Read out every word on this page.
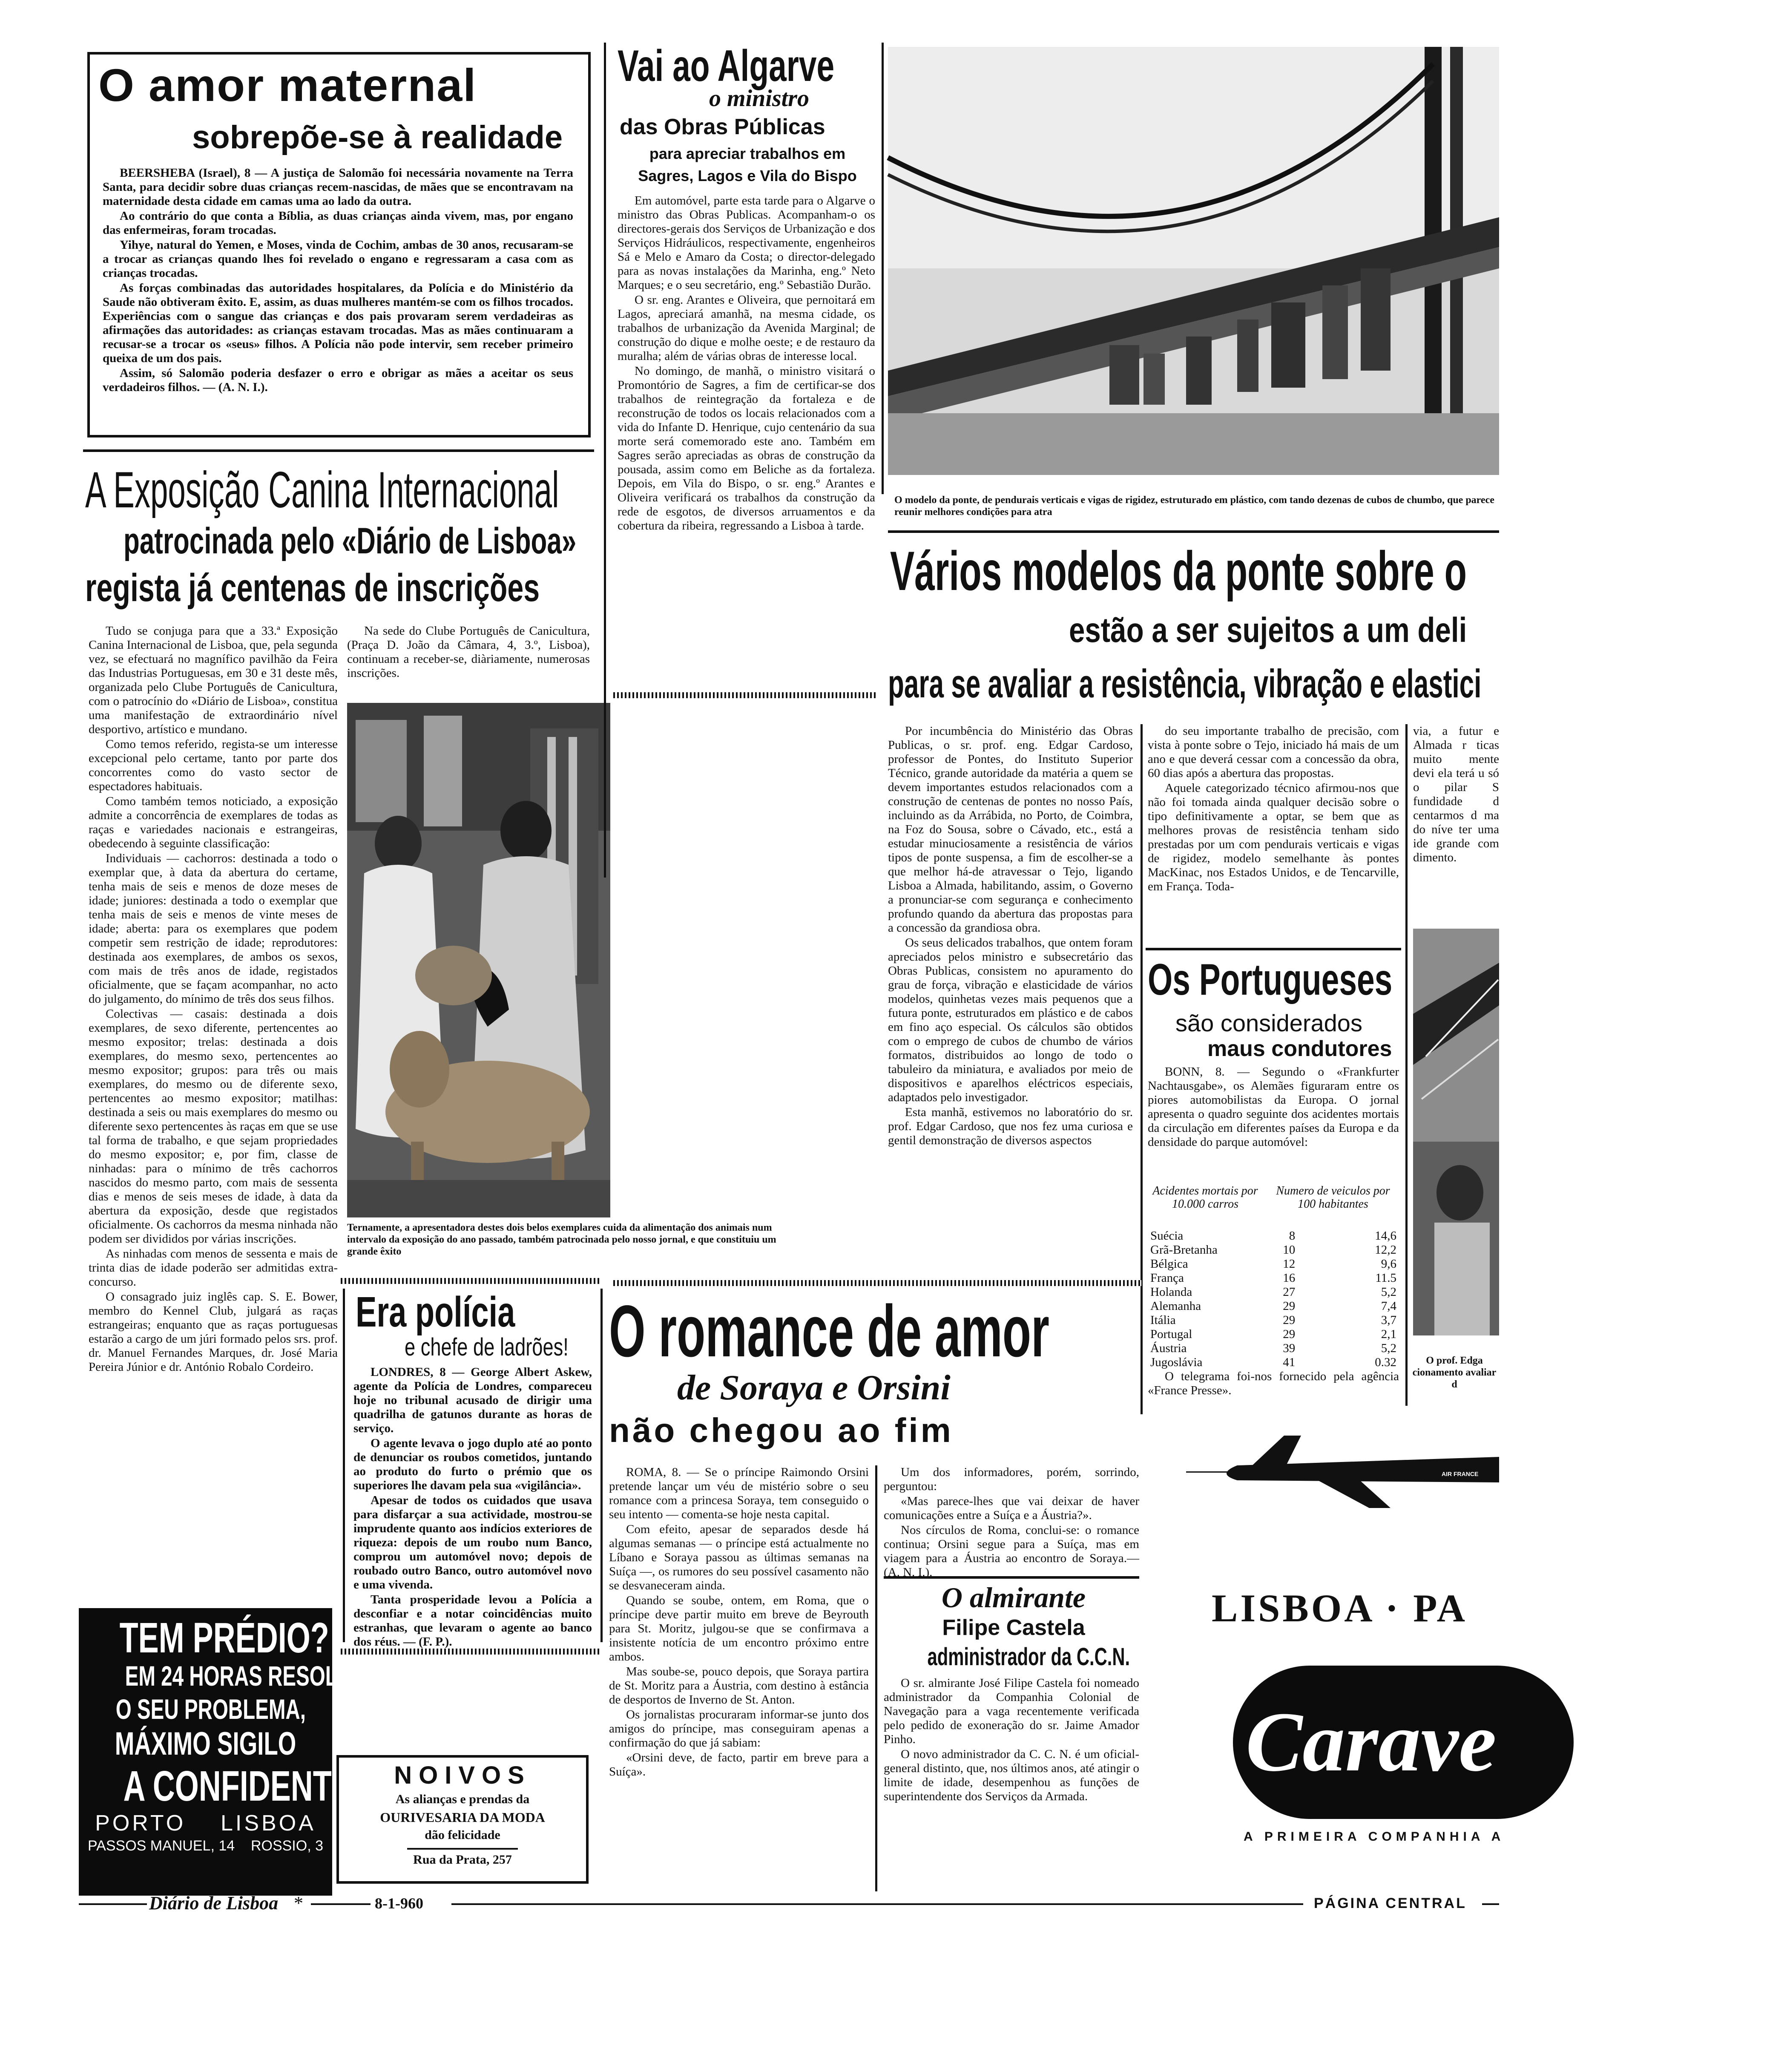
O amor maternal
sobrepõe-se à realidade

BEERSHEBA (Israel), 8 — A justiça de Salomão foi necessária novamente na Terra Santa, para decidir sobre duas crianças recem-nascidas, de mães que se encontravam na maternidade desta cidade em camas uma ao lado da outra.

Ao contrário do que conta a Bíblia, as duas crianças ainda vivem, mas, por engano das enfermeiras, foram trocadas.

Yihye, natural do Yemen, e Moses, vinda de Cochim, ambas de 30 anos, recusaram-se a trocar as crianças quando lhes foi revelado o engano e regressaram a casa com as crianças trocadas.

As forças combinadas das autoridades hospitalares, da Polícia e do Ministério da Saude não obtiveram êxito. E, assim, as duas mulheres mantém-se com os filhos trocados. Experiências com o sangue das crianças e dos pais provaram serem verdadeiras as afirmações das autoridades: as crianças estavam trocadas. Mas as mães continuaram a recusar-se a trocar os «seus» filhos. A Polícia não pode intervir, sem receber primeiro queixa de um dos pais.

Assim, só Salomão poderia desfazer o erro e obrigar as mães a aceitar os seus verdadeiros filhos. — (A. N. I.).

A Exposição Canina Internacional
patrocinada pelo «Diário de Lisboa»
regista já centenas de inscrições

Tudo se conjuga para que a 33.ª Exposição Canina Internacional de Lisboa, que, pela segunda vez, se efectuará no magnífico pavilhão da Feira das Industrias Portuguesas, em 30 e 31 deste mês, organizada pelo Clube Português de Canicultura, com o patrocínio do «Diário de Lisboa», constitua uma manifestação de extraordinário nível desportivo, artístico e mundano.

Como temos referido, regista-se um interesse excepcional pelo certame, tanto por parte dos concorrentes como do vasto sector de espectadores habituais.

Como também temos noticiado, a exposição admite a concorrência de exemplares de todas as raças e variedades nacionais e estrangeiras, obedecendo à seguinte classificação:

Individuais — cachorros: destinada a todo o exemplar que, à data da abertura do certame, tenha mais de seis e menos de doze meses de idade; juniores: destinada a todo o exemplar que tenha mais de seis e menos de vinte meses de idade; aberta: para os exemplares que podem competir sem restrição de idade; reprodutores: destinada aos exemplares, de ambos os sexos, com mais de três anos de idade, registados oficialmente, que se façam acompanhar, no acto do julgamento, do mínimo de três dos seus filhos.

Colectivas — casais: destinada a dois exemplares, de sexo diferente, pertencentes ao mesmo expositor; trelas: destinada a dois exemplares, do mesmo sexo, pertencentes ao mesmo expositor; grupos: para três ou mais exemplares, do mesmo ou de diferente sexo, pertencentes ao mesmo expositor; matilhas: destinada a seis ou mais exemplares do mesmo ou diferente sexo pertencentes às raças em que se use tal forma de trabalho, e que sejam propriedades do mesmo expositor; e, por fim, classe de ninhadas: para o mínimo de três cachorros nascidos do mesmo parto, com mais de sessenta dias e menos de seis meses de idade, à data da abertura da exposição, desde que registados oficialmente. Os cachorros da mesma ninhada não podem ser divididos por várias inscrições.

As ninhadas com menos de sessenta e mais de trinta dias de idade poderão ser admitidas extra-concurso.

O consagrado juiz inglês cap. S. E. Bower, membro do Kennel Club, julgará as raças estrangeiras; enquanto que as raças portuguesas estarão a cargo de um júri formado pelos srs. prof. dr. Manuel Fernandes Marques, dr. José Maria Pereira Júnior e dr. António Robalo Cordeiro.

Na sede do Clube Português de Canicultura, (Praça D. João da Câmara, 4, 3.º, Lisboa), continuam a receber-se, diàriamente, numerosas inscrições.

Ternamente, a apresentadora destes dois belos exemplares cuida da alimentação dos animais num intervalo da exposição do ano passado, também patrocinada pelo nosso jornal, e que constituiu um grande êxito
Vai ao Algarve
o ministro
das Obras Públicas
para apreciar trabalhos em Sagres, Lagos e Vila do Bispo

Em automóvel, parte esta tarde para o Algarve o ministro das Obras Publicas. Acompanham-o os directores-gerais dos Serviços de Urbanização e dos Serviços Hidráulicos, respectivamente, engenheiros Sá e Melo e Amaro da Costa; o director-delegado para as novas instalações da Marinha, eng.º Neto Marques; e o seu secretário, eng.º Sebastião Durão.

O sr. eng. Arantes e Oliveira, que pernoitará em Lagos, apreciará amanhã, na mesma cidade, os trabalhos de urbanização da Avenida Marginal; de construção do dique e molhe oeste; e de restauro da muralha; além de várias obras de interesse local.

No domingo, de manhã, o ministro visitará o Promontório de Sagres, a fim de certificar-se dos trabalhos de reintegração da fortaleza e de reconstrução de todos os locais relacionados com a vida do Infante D. Henrique, cujo centenário da sua morte será comemorado este ano. Também em Sagres serão apreciadas as obras de construção da pousada, assim como em Beliche as da fortaleza. Depois, em Vila do Bispo, o sr. eng.º Arantes e Oliveira verificará os trabalhos da construção da rede de esgotos, de diversos arruamentos e da cobertura da ribeira, regressando a Lisboa à tarde.

O modelo da ponte, de pendurais verticais e vigas de rigidez, estruturado em plástico, com tando dezenas de cubos de chumbo, que parece reunir melhores condições para atra
Vários modelos da ponte sobre o
estão a ser sujeitos a um deli
para se avaliar a resistência, vibração e elastici

Por incumbência do Ministério das Obras Publicas, o sr. prof. eng. Edgar Cardoso, professor de Pontes, do Instituto Superior Técnico, grande autoridade da matéria a quem se devem importantes estudos relacionados com a construção de centenas de pontes no nosso País, incluindo as da Arrábida, no Porto, de Coimbra, na Foz do Sousa, sobre o Cávado, etc., está a estudar minuciosamente a resistência de vários tipos de ponte suspensa, a fim de escolher-se a que melhor há-de atravessar o Tejo, ligando Lisboa a Almada, habilitando, assim, o Governo a pronunciar-se com segurança e conhecimento profundo quando da abertura das propostas para a concessão da grandiosa obra.

Os seus delicados trabalhos, que ontem foram apreciados pelos ministro e subsecretário das Obras Publicas, consistem no apuramento do grau de força, vibração e elasticidade de vários modelos, quinhetas vezes mais pequenos que a futura ponte, estruturados em plástico e de cabos em fino aço especial. Os cálculos são obtidos com o emprego de cubos de chumbo de vários formatos, distribuidos ao longo de todo o tabuleiro da miniatura, e avaliados por meio de dispositivos e aparelhos eléctricos especiais, adaptados pelo investigador.

Esta manhã, estivemos no laboratório do sr. prof. Edgar Cardoso, que nos fez uma curiosa e gentil demonstração de diversos aspectos

do seu importante trabalho de precisão, com vista à ponte sobre o Tejo, iniciado há mais de um ano e que deverá cessar com a concessão da obra, 60 dias após a abertura das propostas.

Aquele categorizado técnico afirmou-nos que não foi tomada ainda qualquer decisão sobre o tipo definitivamente a optar, se bem que as melhores provas de resistência tenham sido prestadas por um com pendurais verticais e vigas de rigidez, modelo semelhante às pontes MacKinac, nos Estados Unidos, e de Tencarville, em França. Toda-

via, a futur e Almada r ticas muito mente devi ela terá u só o pilar S fundidade d centarmos d ma do níve ter uma ide grande com dimento.

O prof. Edga cionamento avaliar d
Os Portugueses
são considerados
maus condutores

BONN, 8. — Segundo o «Frankfurter Nachtausgabe», os Alemães figuraram entre os piores automobilistas da Europa. O jornal apresenta o quadro seguinte dos acidentes mortais da circulação em diferentes países da Europa e da densidade do parque automóvel:

Acidentes mortais por 10.000 carros
Numero de veiculos por 100 habitantes
Suécia	8	14,6
Grã-Bretanha	10	12,2
Bélgica	12	9,6
França	16	11.5
Holanda	27	5,2
Alemanha	29	7,4
Itália	29	3,7
Portugal	29	2,1
Áustria	39	5,2
Jugoslávia	41	0.32

O telegrama foi-nos fornecido pela agência «France Presse».

Era polícia
e chefe de ladrões!

LONDRES, 8 — George Albert Askew, agente da Polícia de Londres, compareceu hoje no tribunal acusado de dirigir uma quadrilha de gatunos durante as horas de serviço.

O agente levava o jogo duplo até ao ponto de denunciar os roubos cometidos, juntando ao produto do furto o prémio que os superiores lhe davam pela sua «vigilância».

Apesar de todos os cuidados que usava para disfarçar a sua actividade, mostrou-se imprudente quanto aos indícios exteriores de riqueza: depois de um roubo num Banco, comprou um automóvel novo; depois de roubado outro Banco, outro automóvel novo e uma vivenda.

Tanta prosperidade levou a Polícia a desconfiar e a notar coincidências muito estranhas, que levaram o agente ao banco dos réus. — (F. P.).

O romance de amor
de Soraya e Orsini
não chegou ao fim

ROMA, 8. — Se o príncipe Raimondo Orsini pretende lançar um véu de mistério sobre o seu romance com a princesa Soraya, tem conseguido o seu intento — comenta-se hoje nesta capital.

Com efeito, apesar de separados desde há algumas semanas — o príncipe está actualmente no Líbano e Soraya passou as últimas semanas na Suíça —, os rumores do seu possível casamento não se desvaneceram ainda.

Quando se soube, ontem, em Roma, que o príncipe deve partir muito em breve de Beyrouth para St. Moritz, julgou-se que se confirmava a insistente notícia de um encontro próximo entre ambos.

Mas soube-se, pouco depois, que Soraya partira de St. Moritz para a Áustria, com destino à estância de desportos de Inverno de St. Anton.

Os jornalistas procuraram informar-se junto dos amigos do príncipe, mas conseguiram apenas a confirmação do que já sabiam:

«Orsini deve, de facto, partir em breve para a Suíça».

Um dos informadores, porém, sorrindo, perguntou:

«Mas parece-lhes que vai deixar de haver comunicações entre a Suíça e a Áustria?».

Nos círculos de Roma, conclui-se: o romance continua; Orsini segue para a Suíça, mas em viagem para a Áustria ao encontro de Soraya.— (A. N. I.).

O almirante
Filipe Castela
administrador da C.C.N.

O sr. almirante José Filipe Castela foi nomeado administrador da Companhia Colonial de Navegação para a vaga recentemente verificada pelo pedido de exoneração do sr. Jaime Amador Pinho.

O novo administrador da C. C. N. é um oficial-general distinto, que, nos últimos anos, até atingir o limite de idade, desempenhou as funções de superintendente dos Serviços da Armada.

TEM PRÉDIO?
EM 24 HORAS RESOLVE
O SEU PROBLEMA,
MÁXIMO SIGILO
A CONFIDENTE
PORTO    LISBOA
PASSOS MANUEL, 14    ROSSIO, 3
NOIVOS
As alianças e prendas da
OURIVESARIA DA MODA
dão felicidade
Rua da Prata, 257
AIR FRANCE
LISBOA · PA
Carave
A PRIMEIRA COMPANHIA A
Diário de Lisboa *	8-1-960	PÁGINA CENTRAL
